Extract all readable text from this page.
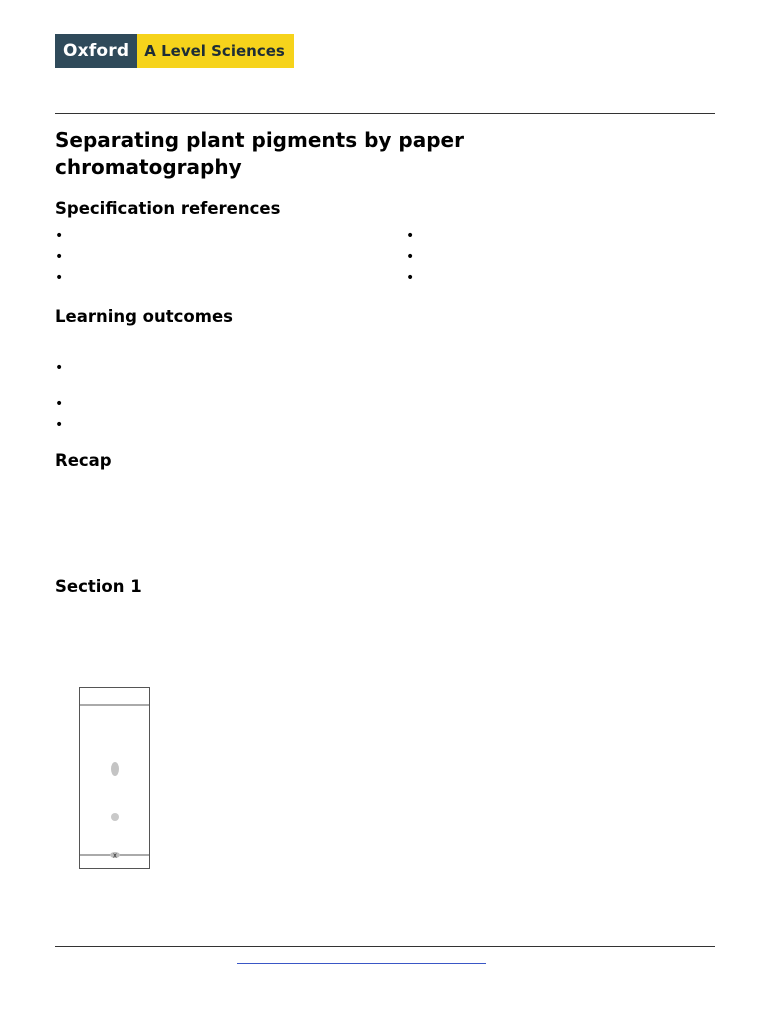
Oxford	A Level Sciences
Separating plant pigments by paper chromatography
Specification references
•
•
•
•
•
•
Learning outcomes
•
•
•
Recap
Section 1
x
